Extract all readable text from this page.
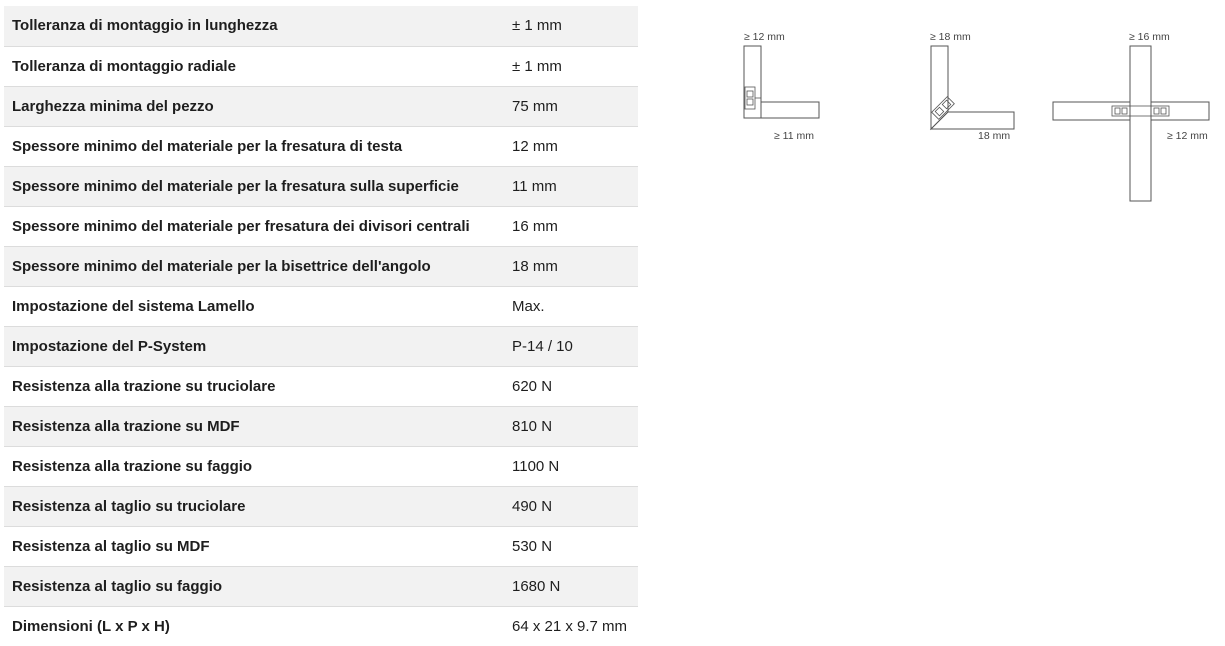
Tolleranza di montaggio in lunghezza	± 1 mm
Tolleranza di montaggio radiale	± 1 mm
Larghezza minima del pezzo	75 mm
Spessore minimo del materiale per la fresatura di testa	12 mm
Spessore minimo del materiale per la fresatura sulla superficie	11 mm
Spessore minimo del materiale per fresatura dei divisori centrali	16 mm
Spessore minimo del materiale per la bisettrice dell'angolo	18 mm
Impostazione del sistema Lamello	Max.
Impostazione del P-System	P-14 / 10
Resistenza alla trazione su truciolare	620 N
Resistenza alla trazione su MDF	810 N
Resistenza alla trazione su faggio	1100 N
Resistenza al taglio su truciolare	490 N
Resistenza al taglio su MDF	530 N
Resistenza al taglio su faggio	1680 N
Dimensioni (L x P x H)	64 x 21 x 9.7 mm
≥ 12 mm
≥ 11 mm
≥ 18 mm
18 mm
≥ 16 mm
≥ 12 mm
